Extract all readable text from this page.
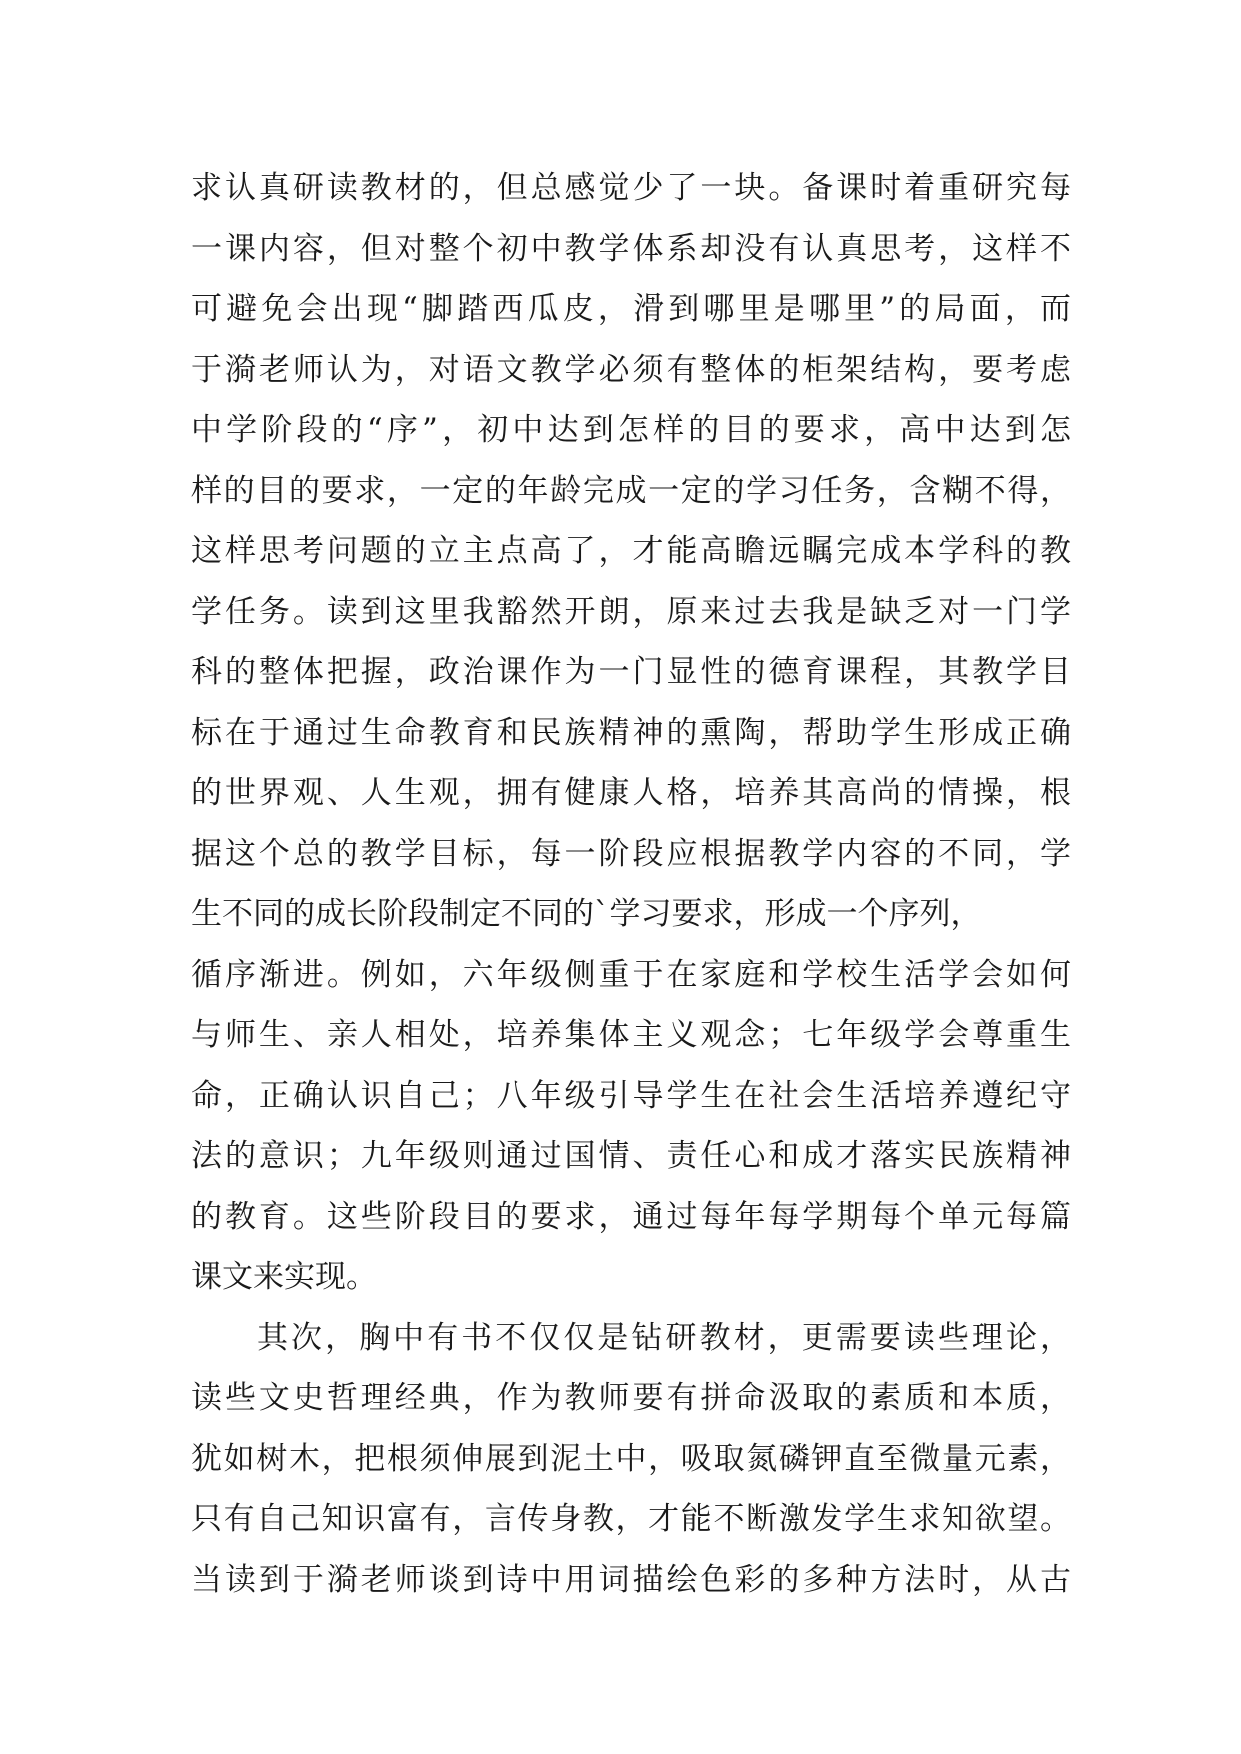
求认真研读教材的，但总感觉少了一块。备课时着重研究每
一课内容，但对整个初中教学体系却没有认真思考，这样不
可避免会出现“脚踏西瓜皮，滑到哪里是哪里”的局面，而
于漪老师认为，对语文教学必须有整体的柜架结构，要考虑
中学阶段的“序”，初中达到怎样的目的要求，高中达到怎
样的目的要求，一定的年龄完成一定的学习任务，含糊不得，
这样思考问题的立主点高了，才能高瞻远瞩完成本学科的教
学任务。读到这里我豁然开朗，原来过去我是缺乏对一门学
科的整体把握，政治课作为一门显性的德育课程，其教学目
标在于通过生命教育和民族精神的熏陶，帮助学生形成正确
的世界观、人生观，拥有健康人格，培养其高尚的情操，根
据这个总的教学目标，每一阶段应根据教学内容的不同，学
生不同的成长阶段制定不同的`学习要求，形成一个序列，
循序渐进。例如，六年级侧重于在家庭和学校生活学会如何
与师生、亲人相处，培养集体主义观念；七年级学会尊重生
命，正确认识自己；八年级引导学生在社会生活培养遵纪守
法的意识；九年级则通过国情、责任心和成才落实民族精神
的教育。这些阶段目的要求，通过每年每学期每个单元每篇
课文来实现。
其次，胸中有书不仅仅是钻研教材，更需要读些理论，
读些文史哲理经典，作为教师要有拼命汲取的素质和本质，
犹如树木，把根须伸展到泥土中，吸取氮磷钾直至微量元素，
只有自己知识富有，言传身教，才能不断激发学生求知欲望。
当读到于漪老师谈到诗中用词描绘色彩的多种方法时，从古
